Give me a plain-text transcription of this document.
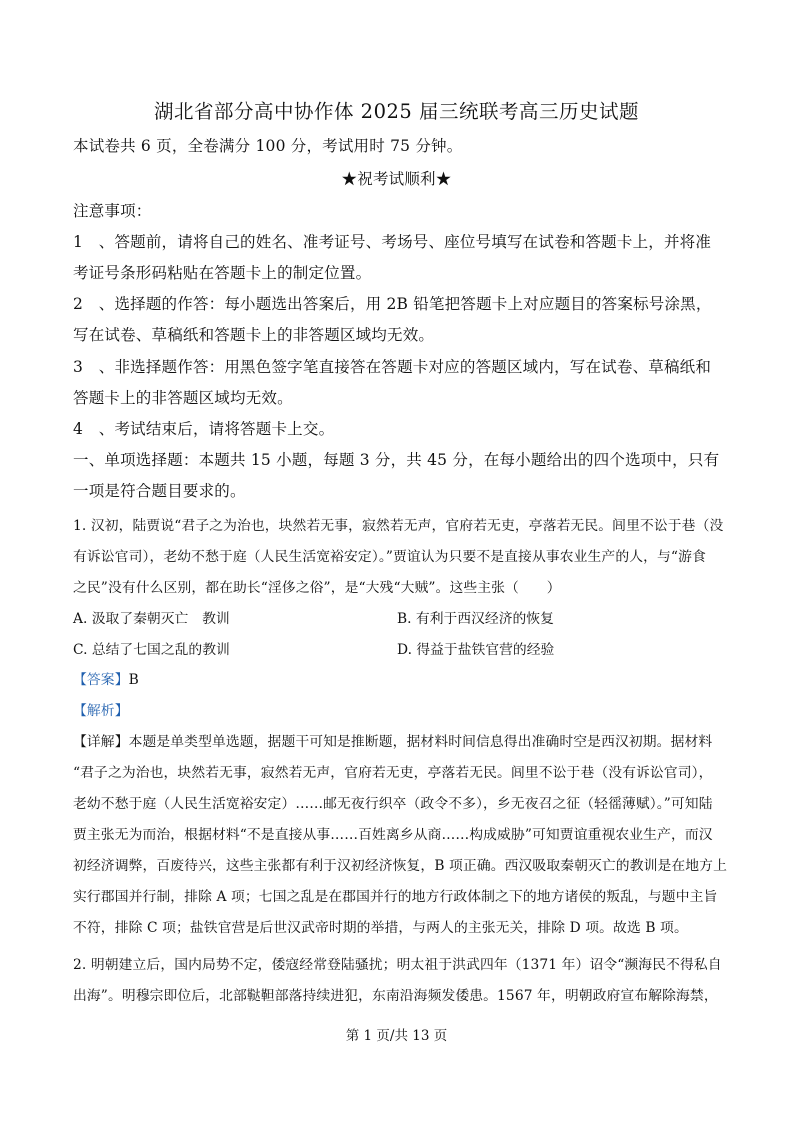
湖北省部分高中协作体 2025 届三统联考高三历史试题
本试卷共 6 页，全卷满分 100 分，考试用时 75 分钟。
★祝考试顺利★
注意事项：
1　、答题前，请将自己的姓名、准考证号、考场号、座位号填写在试卷和答题卡上，并将准
考证号条形码粘贴在答题卡上的制定位置。
2　、选择题的作答：每小题选出答案后，用 2B 铅笔把答题卡上对应题目的答案标号涂黑，
写在试卷、草稿纸和答题卡上的非答题区域均无效。
3　、非选择题作答：用黑色签字笔直接答在答题卡对应的答题区域内，写在试卷、草稿纸和
答题卡上的非答题区域均无效。
4　、考试结束后，请将答题卡上交。
一、单项选择题：本题共 15 小题，每题 3 分，共 45 分，在每小题给出的四个选项中，只有
一项是符合题目要求的。
1. 汉初，陆贾说“君子之为治也，块然若无事，寂然若无声，官府若无吏，亭落若无民。闾里不讼于巷（没
有诉讼官司），老幼不愁于庭（人民生活宽裕安定）。”贾谊认为只要不是直接从事农业生产的人，与“游食
之民”没有什么区别，都在助长“淫侈之俗”，是“大残“大贼”。这些主张（　　）
A. 汲取了秦朝灭亡　教训	B. 有利于西汉经济的恢复
C. 总结了七国之乱的教训	D. 得益于盐铁官营的经验
【答案】B
【解析】
【详解】本题是单类型单选题，据题干可知是推断题，据材料时间信息得出准确时空是西汉初期。据材料
“君子之为治也，块然若无事，寂然若无声，官府若无吏，亭落若无民。闾里不讼于巷（没有诉讼官司），
老幼不愁于庭（人民生活宽裕安定）……邮无夜行织卒（政令不多），乡无夜召之征（轻徭薄赋）。”可知陆
贾主张无为而治，根据材料“不是直接从事……百姓离乡从商……构成威胁”可知贾谊重视农业生产，而汉
初经济调弊，百废待兴，这些主张都有利于汉初经济恢复，B 项正确。西汉吸取秦朝灭亡的教训是在地方上
实行郡国并行制，排除 A 项；七国之乱是在郡国并行的地方行政体制之下的地方诸侯的叛乱，与题中主旨
不符，排除 C 项；盐铁官营是后世汉武帝时期的举措，与两人的主张无关，排除 D 项。故选 B 项。
2. 明朝建立后，国内局势不定，倭寇经常登陆骚扰；明太祖于洪武四年（1371 年）诏令“濒海民不得私自
出海”。明穆宗即位后，北部鞑靼部落持续进犯，东南沿海频发倭患。1567 年，明朝政府宣布解除海禁，
第 1 页/共 13 页
